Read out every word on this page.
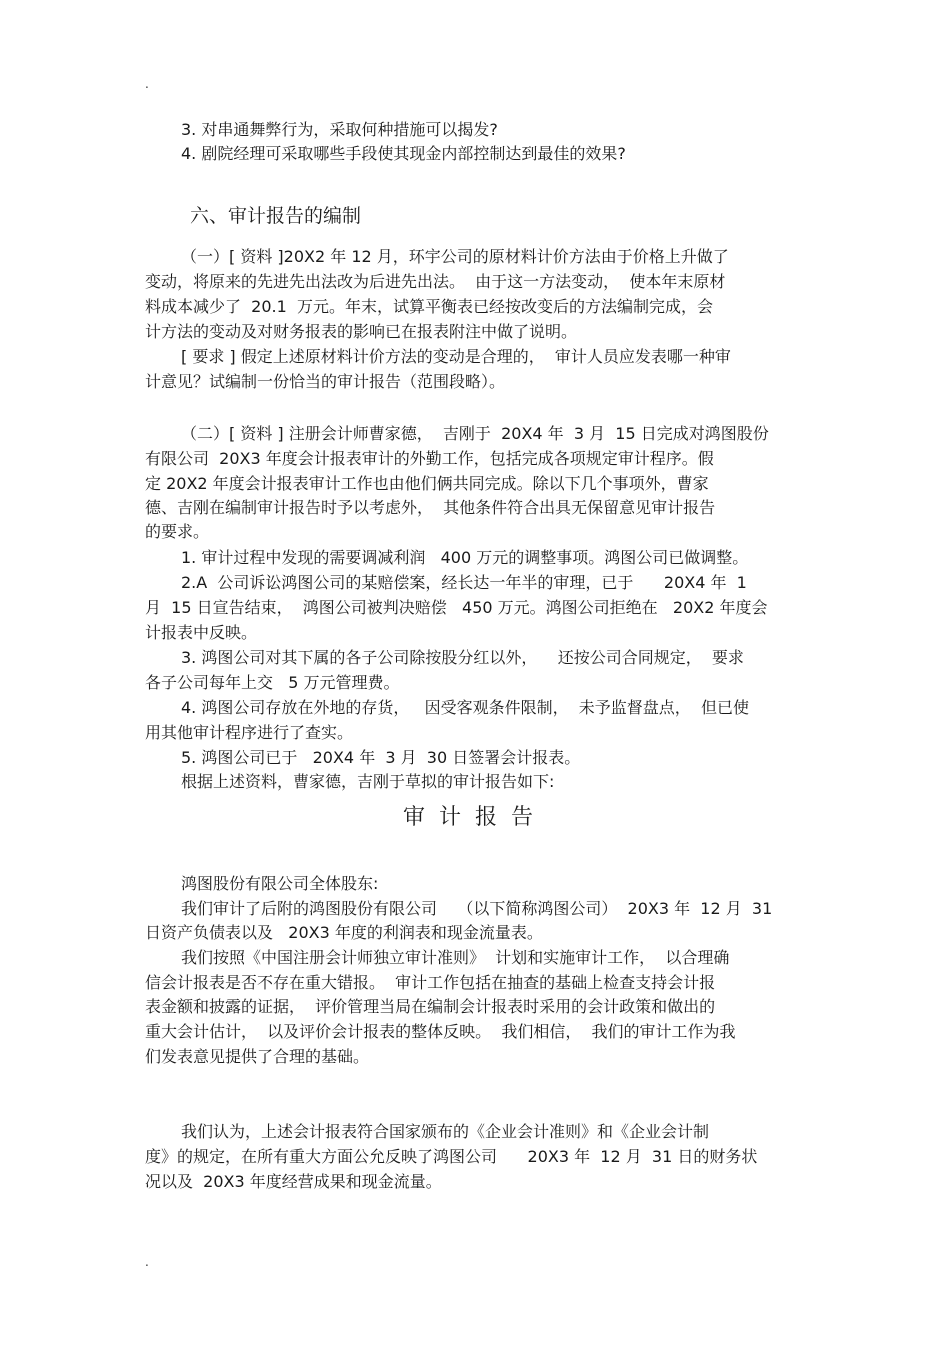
.
3. 对串通舞弊行为，采取何种措施可以揭发?
4. 剧院经理可采取哪些手段使其现金内部控制达到最佳的效果?
六、审计报告的编制
（一）[ 资料 ]20X2 年 12 月，环宇公司的原材料计价方法由于价格上升做了
变动，将原来的先进先出法改为后进先出法。  由于这一方法变动，  使本年末原材
料成本减少了  20.1  万元。年末，试算平衡表已经按改变后的方法编制完成，会
计方法的变动及对财务报表的影响已在报表附注中做了说明。
[ 要求 ] 假定上述原材料计价方法的变动是合理的，  审计人员应发表哪一种审
计意见？试编制一份恰当的审计报告（范围段略）。
（二）[ 资料 ] 注册会计师曹家德，  吉刚于  20X4 年  3 月  15 日完成对鸿图股份
有限公司  20X3 年度会计报表审计的外勤工作，包括完成各项规定审计程序。假
定 20X2 年度会计报表审计工作也由他们俩共同完成。除以下几个事项外，曹家
德、吉刚在编制审计报告时予以考虑外，  其他条件符合出具无保留意见审计报告
的要求。
1. 审计过程中发现的需要调减利润   400 万元的调整事项。鸿图公司已做调整。
2.A  公司诉讼鸿图公司的某赔偿案，经长达一年半的审理，已于      20X4 年  1
月  15 日宣告结束，  鸿图公司被判决赔偿   450 万元。鸿图公司拒绝在   20X2 年度会
计报表中反映。
3. 鸿图公司对其下属的各子公司除按股分红以外，    还按公司合同规定，  要求
各子公司每年上交   5 万元管理费。
4. 鸿图公司存放在外地的存货，   因受客观条件限制，  未予监督盘点，  但已使
用其他审计程序进行了查实。
5. 鸿图公司已于   20X4 年  3 月  30 日签署会计报表。
根据上述资料，曹家德，吉刚于草拟的审计报告如下:
审计报告
鸿图股份有限公司全体股东:
我们审计了后附的鸿图股份有限公司    （以下简称鸿图公司）  20X3 年  12 月  31
日资产负债表以及   20X3 年度的利润表和现金流量表。
我们按照《中国注册会计师独立审计准则》  计划和实施审计工作，  以合理确
信会计报表是否不存在重大错报。  审计工作包括在抽查的基础上检查支持会计报
表金额和披露的证据，  评价管理当局在编制会计报表时采用的会计政策和做出的
重大会计估计，  以及评价会计报表的整体反映。  我们相信，  我们的审计工作为我
们发表意见提供了合理的基础。
我们认为，上述会计报表符合国家颁布的《企业会计准则》和《企业会计制
度》的规定，在所有重大方面公允反映了鸿图公司      20X3 年  12 月  31 日的财务状
况以及  20X3 年度经营成果和现金流量。
.
